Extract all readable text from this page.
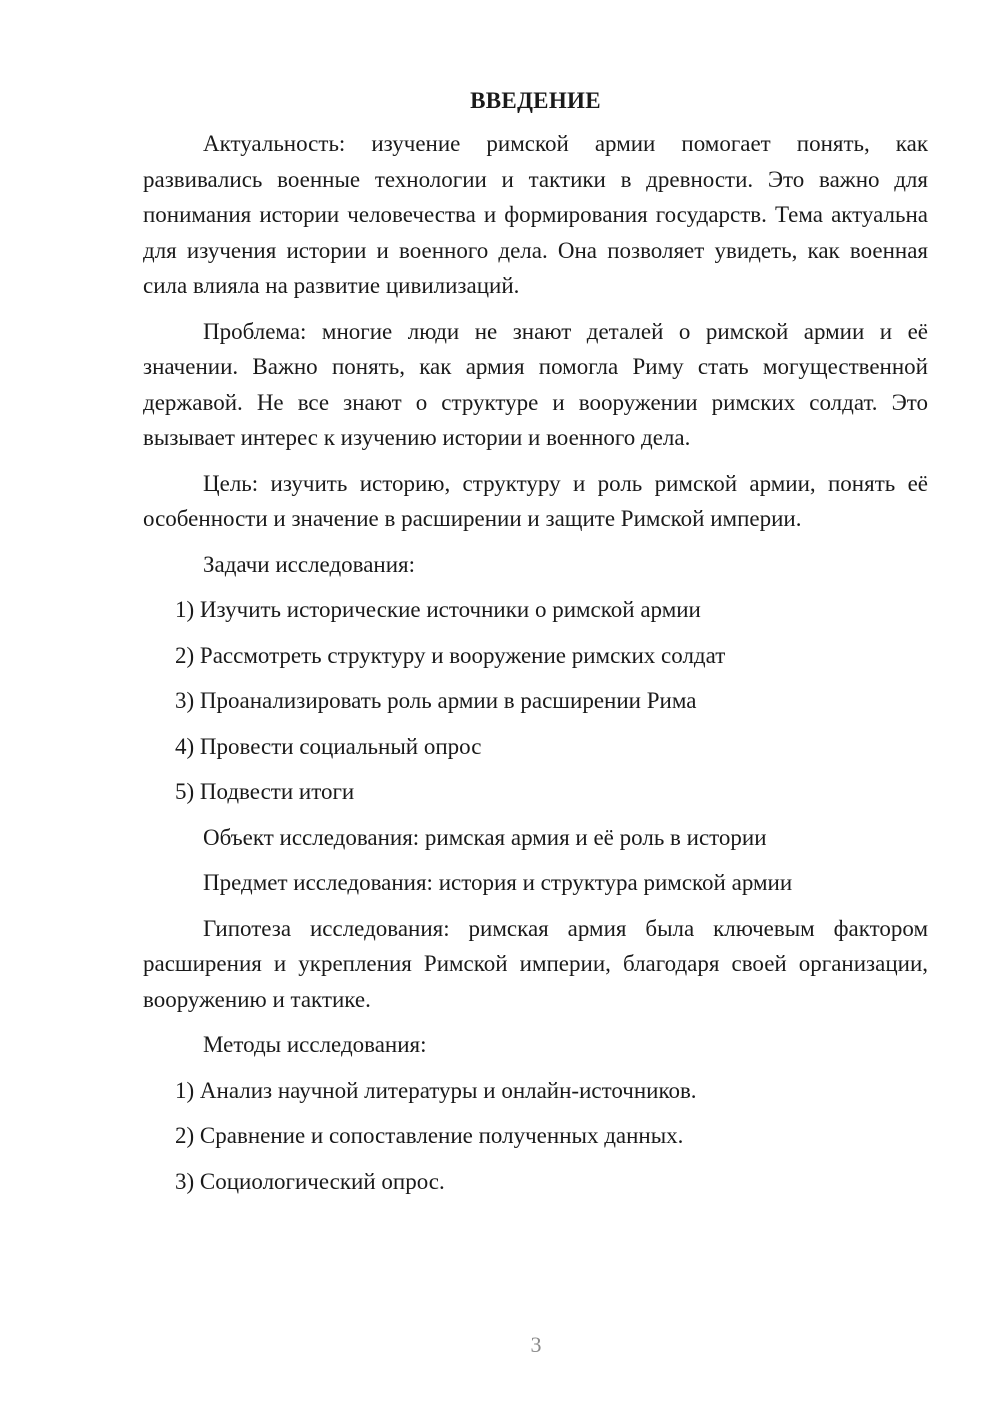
ВВЕДЕНИЕ

Актуальность: изучение римской армии помогает понять, как развивались военные технологии и тактики в древности. Это важно для понимания истории человечества и формирования государств. Тема актуальна для изучения истории и военного дела. Она позволяет увидеть, как военная сила влияла на развитие цивилизаций.

Проблема: многие люди не знают деталей о римской армии и её значении. Важно понять, как армия помогла Риму стать могущественной державой. Не все знают о структуре и вооружении римских солдат. Это вызывает интерес к изучению истории и военного дела.

Цель: изучить историю, структуру и роль римской армии, понять её особенности и значение в расширении и защите Римской империи.

Задачи исследования:
1) Изучить исторические источники о римской армии
2) Рассмотреть структуру и вооружение римских солдат
3) Проанализировать роль армии в расширении Рима
4) Провести социальный опрос
5) Подвести итоги
Объект исследования: римская армия и её роль в истории
Предмет исследования: история и структура римской армии

Гипотеза исследования: римская армия была ключевым фактором расширения и укрепления Римской империи, благодаря своей организации, вооружению и тактике.

Методы исследования:
1) Анализ научной литературы и онлайн-источников.
2) Сравнение и сопоставление полученных данных.
3) Социологический опрос.
3
